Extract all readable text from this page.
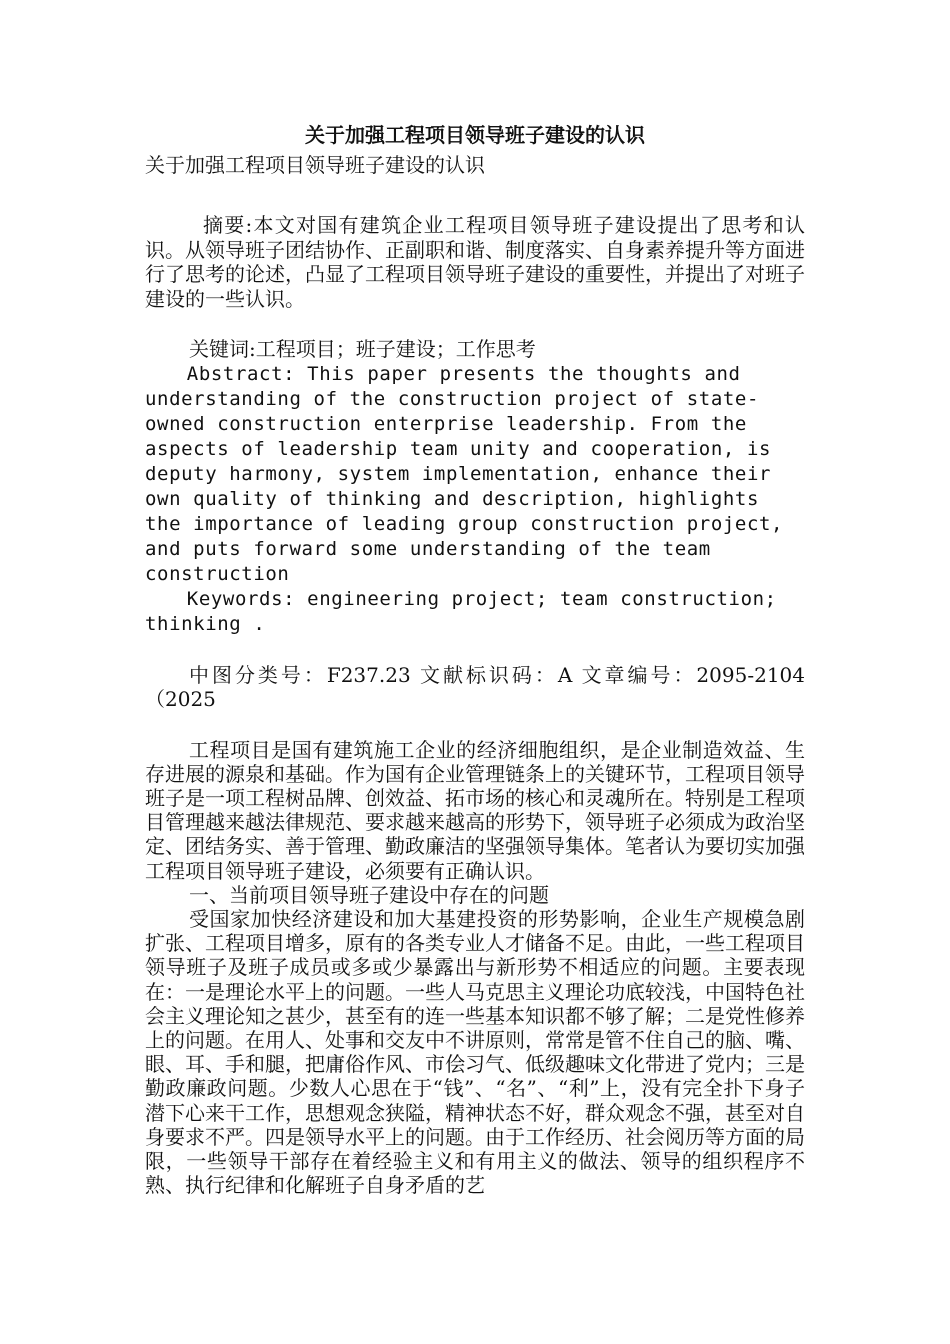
关于加强工程项目领导班子建设的认识

关于加强工程项目领导班子建设的认识

摘要:本文对国有建筑企业工程项目领导班子建设提出了思考和认识。从领导班子团结协作、正副职和谐、制度落实、自身素养提升等方面进行了思考的论述，凸显了工程项目领导班子建设的重要性，并提出了对班子建设的一些认识。

关键词:工程项目；班子建设；工作思考

Abstract: This paper presents the thoughts and understanding of the construction project of state-owned construction enterprise leadership. From the aspects of leadership team unity and cooperation, is deputy harmony, system implementation, enhance their own quality of thinking and description, highlights the importance of leading group construction project, and puts forward some understanding of the team construction

Keywords: engineering project; team construction; thinking .

中图分类号：F237.23 文献标识码：A 文章编号：2095-2104（2025

工程项目是国有建筑施工企业的经济细胞组织，是企业制造效益、生存进展的源泉和基础。作为国有企业管理链条上的关键环节，工程项目领导班子是一项工程树品牌、创效益、拓市场的核心和灵魂所在。特别是工程项目管理越来越法律规范、要求越来越高的形势下，领导班子必须成为政治坚定、团结务实、善于管理、勤政廉洁的坚强领导集体。笔者认为要切实加强工程项目领导班子建设，必须要有正确认识。

一、当前项目领导班子建设中存在的问题

受国家加快经济建设和加大基建投资的形势影响，企业生产规模急剧扩张、工程项目增多，原有的各类专业人才储备不足。由此，一些工程项目领导班子及班子成员或多或少暴露出与新形势不相适应的问题。主要表现在：一是理论水平上的问题。一些人马克思主义理论功底较浅，中国特色社会主义理论知之甚少，甚至有的连一些基本知识都不够了解；二是党性修养上的问题。在用人、处事和交友中不讲原则，常常是管不住自己的脑、嘴、眼、耳、手和腿，把庸俗作风、市侩习气、低级趣味文化带进了党内；三是勤政廉政问题。少数人心思在于“钱”、“名”、“利”上，没有完全扑下身子潜下心来干工作，思想观念狭隘，精神状态不好，群众观念不强，甚至对自身要求不严。四是领导水平上的问题。由于工作经历、社会阅历等方面的局限，一些领导干部存在着经验主义和有用主义的做法、领导的组织程序不熟、执行纪律和化解班子自身矛盾的艺
